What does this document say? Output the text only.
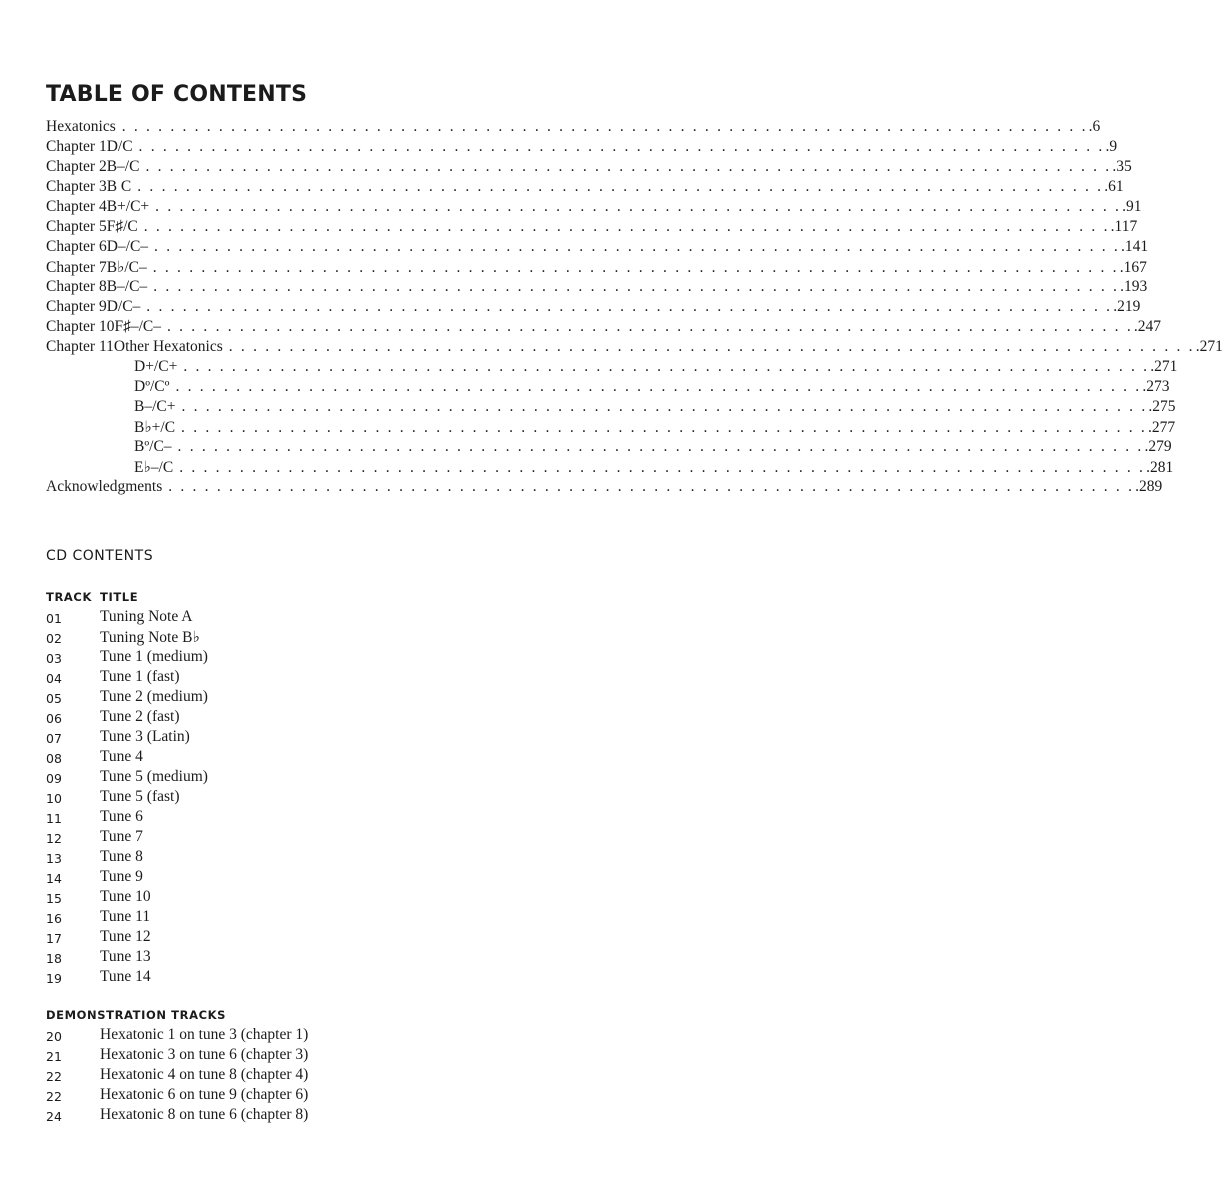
TABLE OF CONTENTS
Hexatonics . . . . . . . . . . . . . . . . . . . . . . . . . . . . . . . . . . . . . . . . . . . . . . . . . . . . . . . . . . . . . . . . . . . . . . . . . . . . . . . . .6
Chapter 1 D/C . . . . . . . . . . . . . . . . . . . . . . . . . . . . . . . . . . . . . . . . . . . . . . . . . . . . . . . . . . . . . . . . . . . . . . . . . . . . . . . . .9
Chapter 2 B–/C . . . . . . . . . . . . . . . . . . . . . . . . . . . . . . . . . . . . . . . . . . . . . . . . . . . . . . . . . . . . . . . . . . . . . . . . . . . . . . . . .35
Chapter 3 B C . . . . . . . . . . . . . . . . . . . . . . . . . . . . . . . . . . . . . . . . . . . . . . . . . . . . . . . . . . . . . . . . . . . . . . . . . . . . . . . . .61
Chapter 4 B+/C+ . . . . . . . . . . . . . . . . . . . . . . . . . . . . . . . . . . . . . . . . . . . . . . . . . . . . . . . . . . . . . . . . . . . . . . . . . . . . . . . . .91
Chapter 5 F♯/C . . . . . . . . . . . . . . . . . . . . . . . . . . . . . . . . . . . . . . . . . . . . . . . . . . . . . . . . . . . . . . . . . . . . . . . . . . . . . . . . .117
Chapter 6 D–/C– . . . . . . . . . . . . . . . . . . . . . . . . . . . . . . . . . . . . . . . . . . . . . . . . . . . . . . . . . . . . . . . . . . . . . . . . . . . . . . . . .141
Chapter 7 B♭/C– . . . . . . . . . . . . . . . . . . . . . . . . . . . . . . . . . . . . . . . . . . . . . . . . . . . . . . . . . . . . . . . . . . . . . . . . . . . . . . . . .167
Chapter 8 B–/C– . . . . . . . . . . . . . . . . . . . . . . . . . . . . . . . . . . . . . . . . . . . . . . . . . . . . . . . . . . . . . . . . . . . . . . . . . . . . . . . . .193
Chapter 9 D/C– . . . . . . . . . . . . . . . . . . . . . . . . . . . . . . . . . . . . . . . . . . . . . . . . . . . . . . . . . . . . . . . . . . . . . . . . . . . . . . . . .219
Chapter 10 F♯–/C– . . . . . . . . . . . . . . . . . . . . . . . . . . . . . . . . . . . . . . . . . . . . . . . . . . . . . . . . . . . . . . . . . . . . . . . . . . . . . . . . .247
Chapter 11 Other Hexatonics . . . . . . . . . . . . . . . . . . . . . . . . . . . . . . . . . . . . . . . . . . . . . . . . . . . . . . . . . . . . . . . . . . . . . . . . . . . . . . . . .271
D+/C+ . . . . . . . . . . . . . . . . . . . . . . . . . . . . . . . . . . . . . . . . . . . . . . . . . . . . . . . . . . . . . . . . . . . . . . . . . . . . . . . . .271
Dº/Cº . . . . . . . . . . . . . . . . . . . . . . . . . . . . . . . . . . . . . . . . . . . . . . . . . . . . . . . . . . . . . . . . . . . . . . . . . . . . . . . . .273
B–/C+ . . . . . . . . . . . . . . . . . . . . . . . . . . . . . . . . . . . . . . . . . . . . . . . . . . . . . . . . . . . . . . . . . . . . . . . . . . . . . . . . .275
B♭+/C . . . . . . . . . . . . . . . . . . . . . . . . . . . . . . . . . . . . . . . . . . . . . . . . . . . . . . . . . . . . . . . . . . . . . . . . . . . . . . . . .277
Bº/C– . . . . . . . . . . . . . . . . . . . . . . . . . . . . . . . . . . . . . . . . . . . . . . . . . . . . . . . . . . . . . . . . . . . . . . . . . . . . . . . . .279
E♭–/C . . . . . . . . . . . . . . . . . . . . . . . . . . . . . . . . . . . . . . . . . . . . . . . . . . . . . . . . . . . . . . . . . . . . . . . . . . . . . . . . .281
Acknowledgments . . . . . . . . . . . . . . . . . . . . . . . . . . . . . . . . . . . . . . . . . . . . . . . . . . . . . . . . . . . . . . . . . . . . . . . . . . . . . . . . .289
CD CONTENTS
TRACK TITLE
01 Tuning Note A
02 Tuning Note B♭
03 Tune 1 (medium)
04 Tune 1 (fast)
05 Tune 2 (medium)
06 Tune 2 (fast)
07 Tune 3 (Latin)
08 Tune 4
09 Tune 5 (medium)
10 Tune 5 (fast)
11 Tune 6
12 Tune 7
13 Tune 8
14 Tune 9
15 Tune 10
16 Tune 11
17 Tune 12
18 Tune 13
19 Tune 14
DEMONSTRATION TRACKS
20 Hexatonic 1 on tune 3 (chapter 1)
21 Hexatonic 3 on tune 6 (chapter 3)
22 Hexatonic 4 on tune 8 (chapter 4)
22 Hexatonic 6 on tune 9 (chapter 6)
24 Hexatonic 8 on tune 6 (chapter 8)
